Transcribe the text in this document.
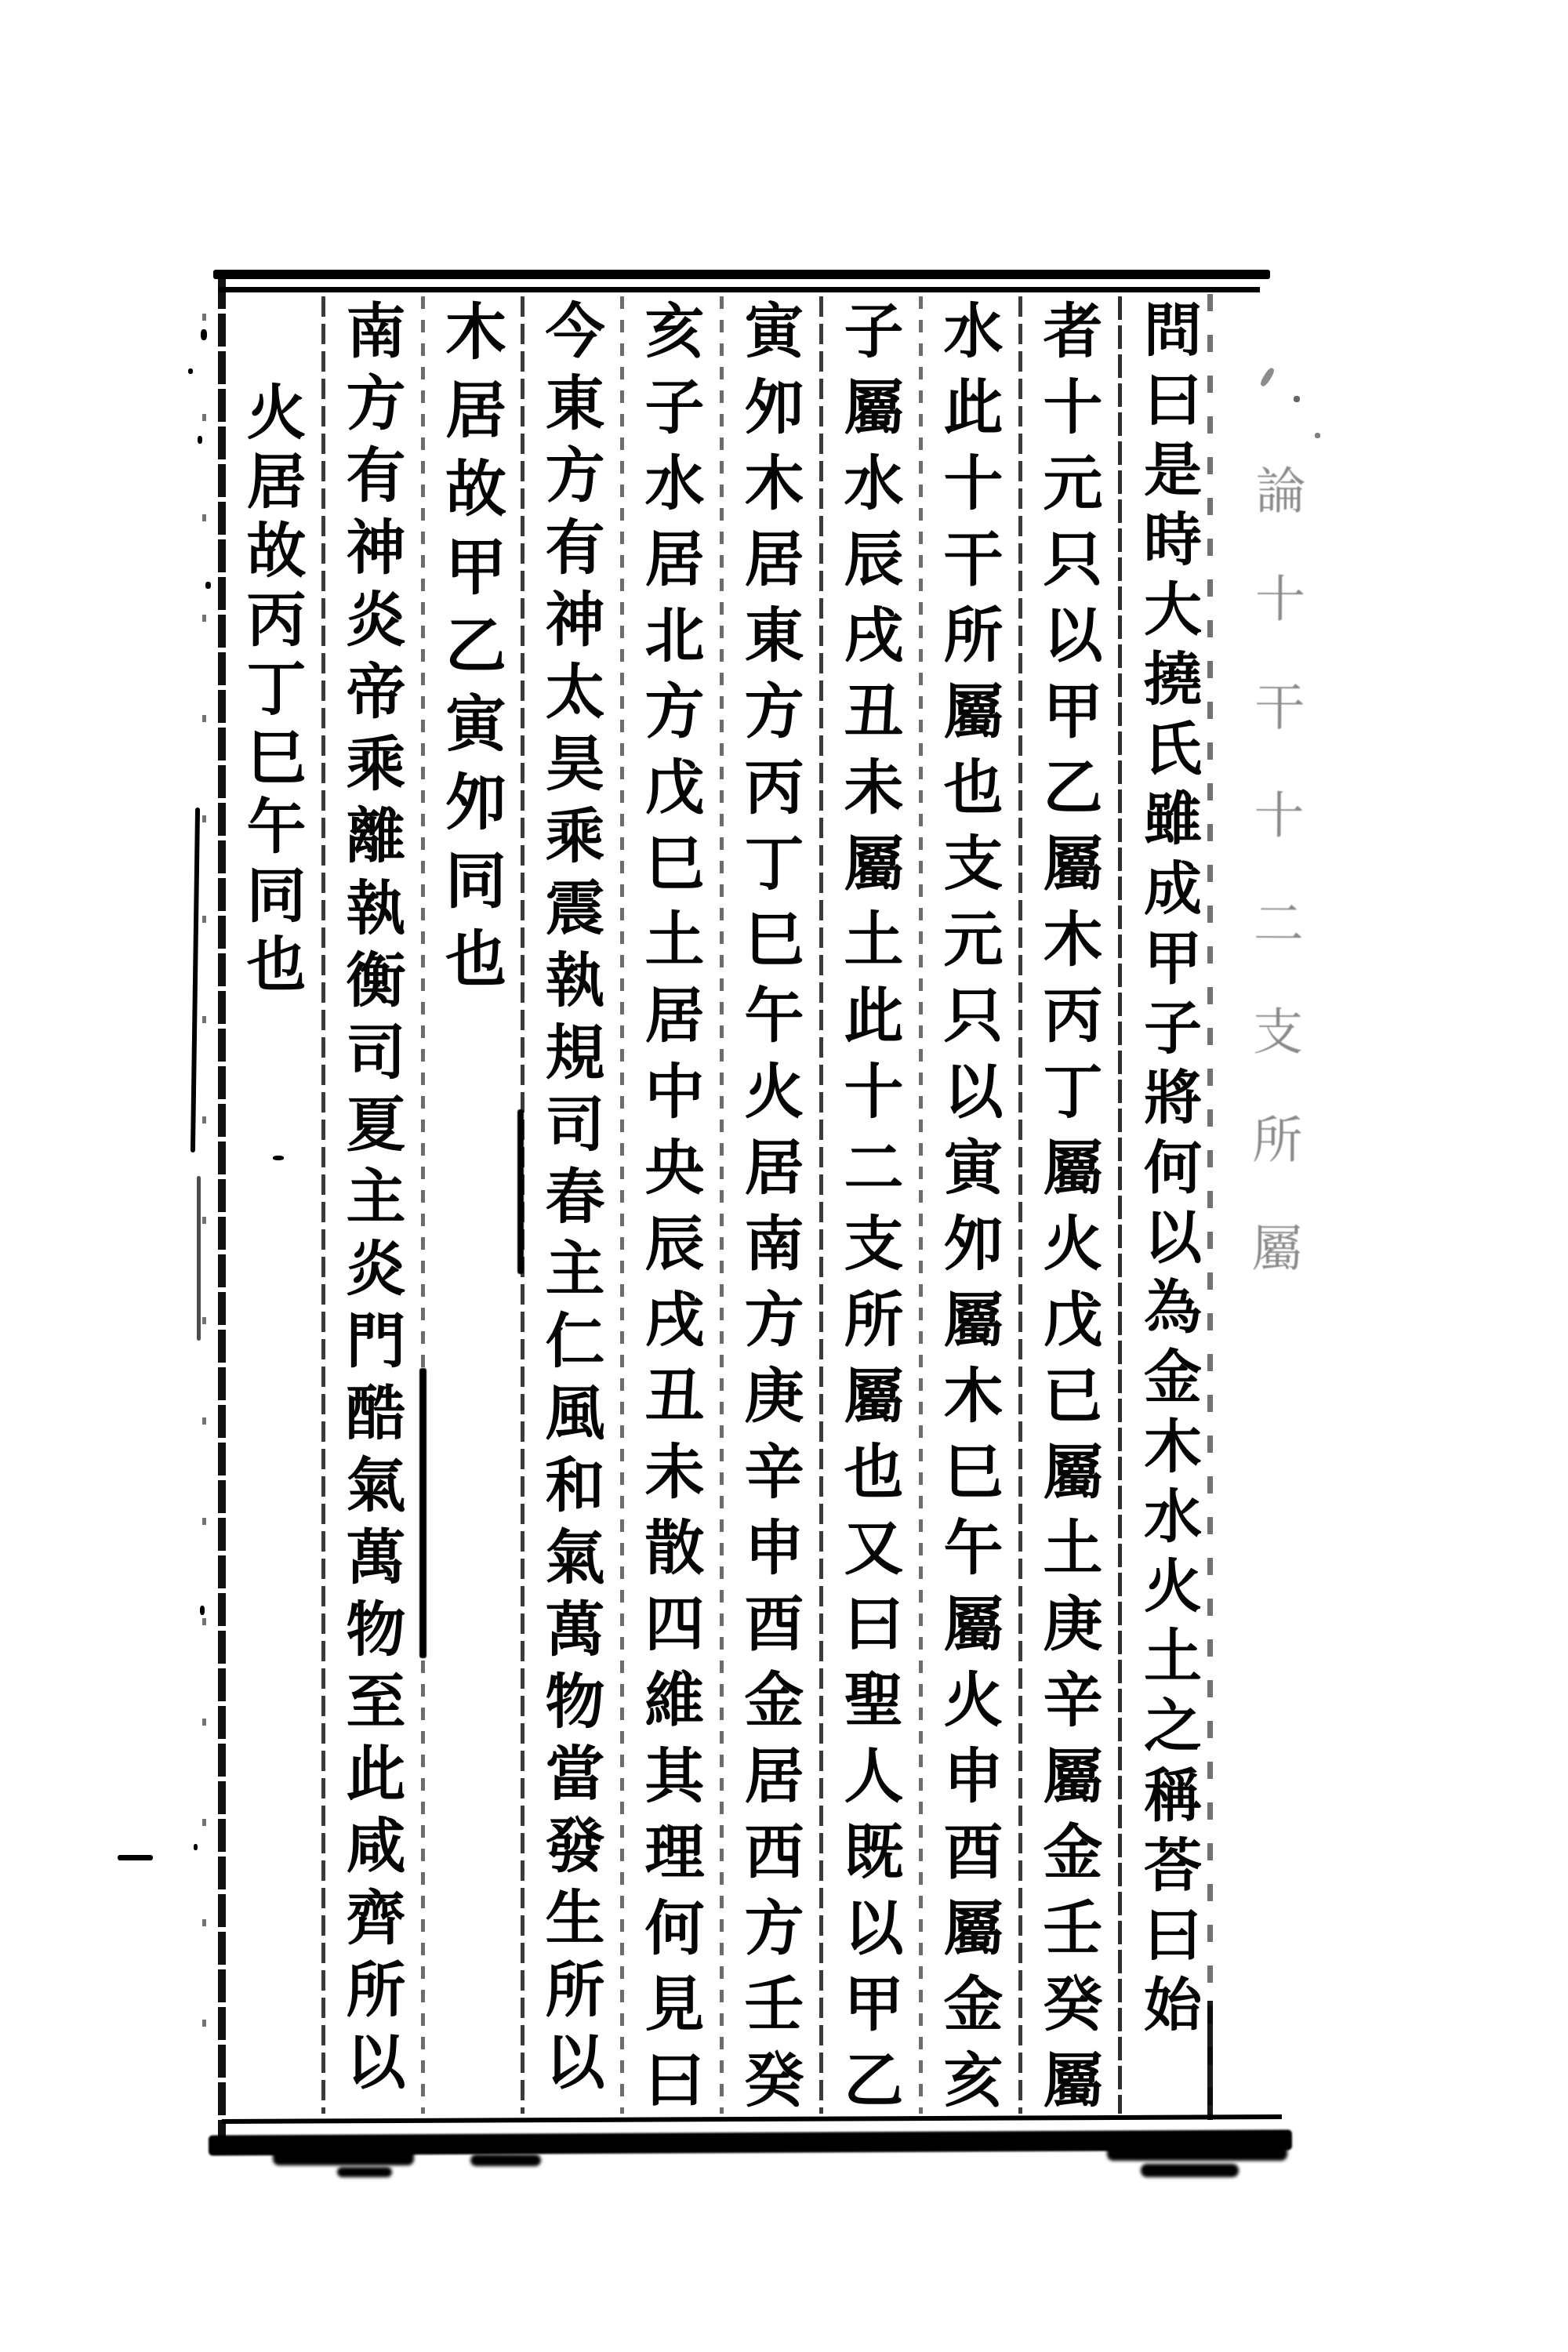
論十干十二支所屬
問曰是時大撓氏雖成甲子將何以為金木水火土之稱荅曰始
者十元只以甲乙屬木丙丁屬火戊已屬土庚辛屬金壬癸屬
水此十干所屬也支元只以寅夘屬木巳午屬火申酉屬金亥
子屬水辰戌丑未屬土此十二支所屬也又曰聖人既以甲乙
寅夘木居東方丙丁巳午火居南方庚辛申酉金居西方壬癸
亥子水居北方戊巳土居中央辰戌丑未散四維其理何見曰
今東方有神太昊乘震執規司春主仁風和氣萬物當發生所以
木居故甲乙寅夘同也
南方有神炎帝乘離執衡司夏主炎門酷氣萬物至此咸齊所以
火居故丙丁巳午同也
